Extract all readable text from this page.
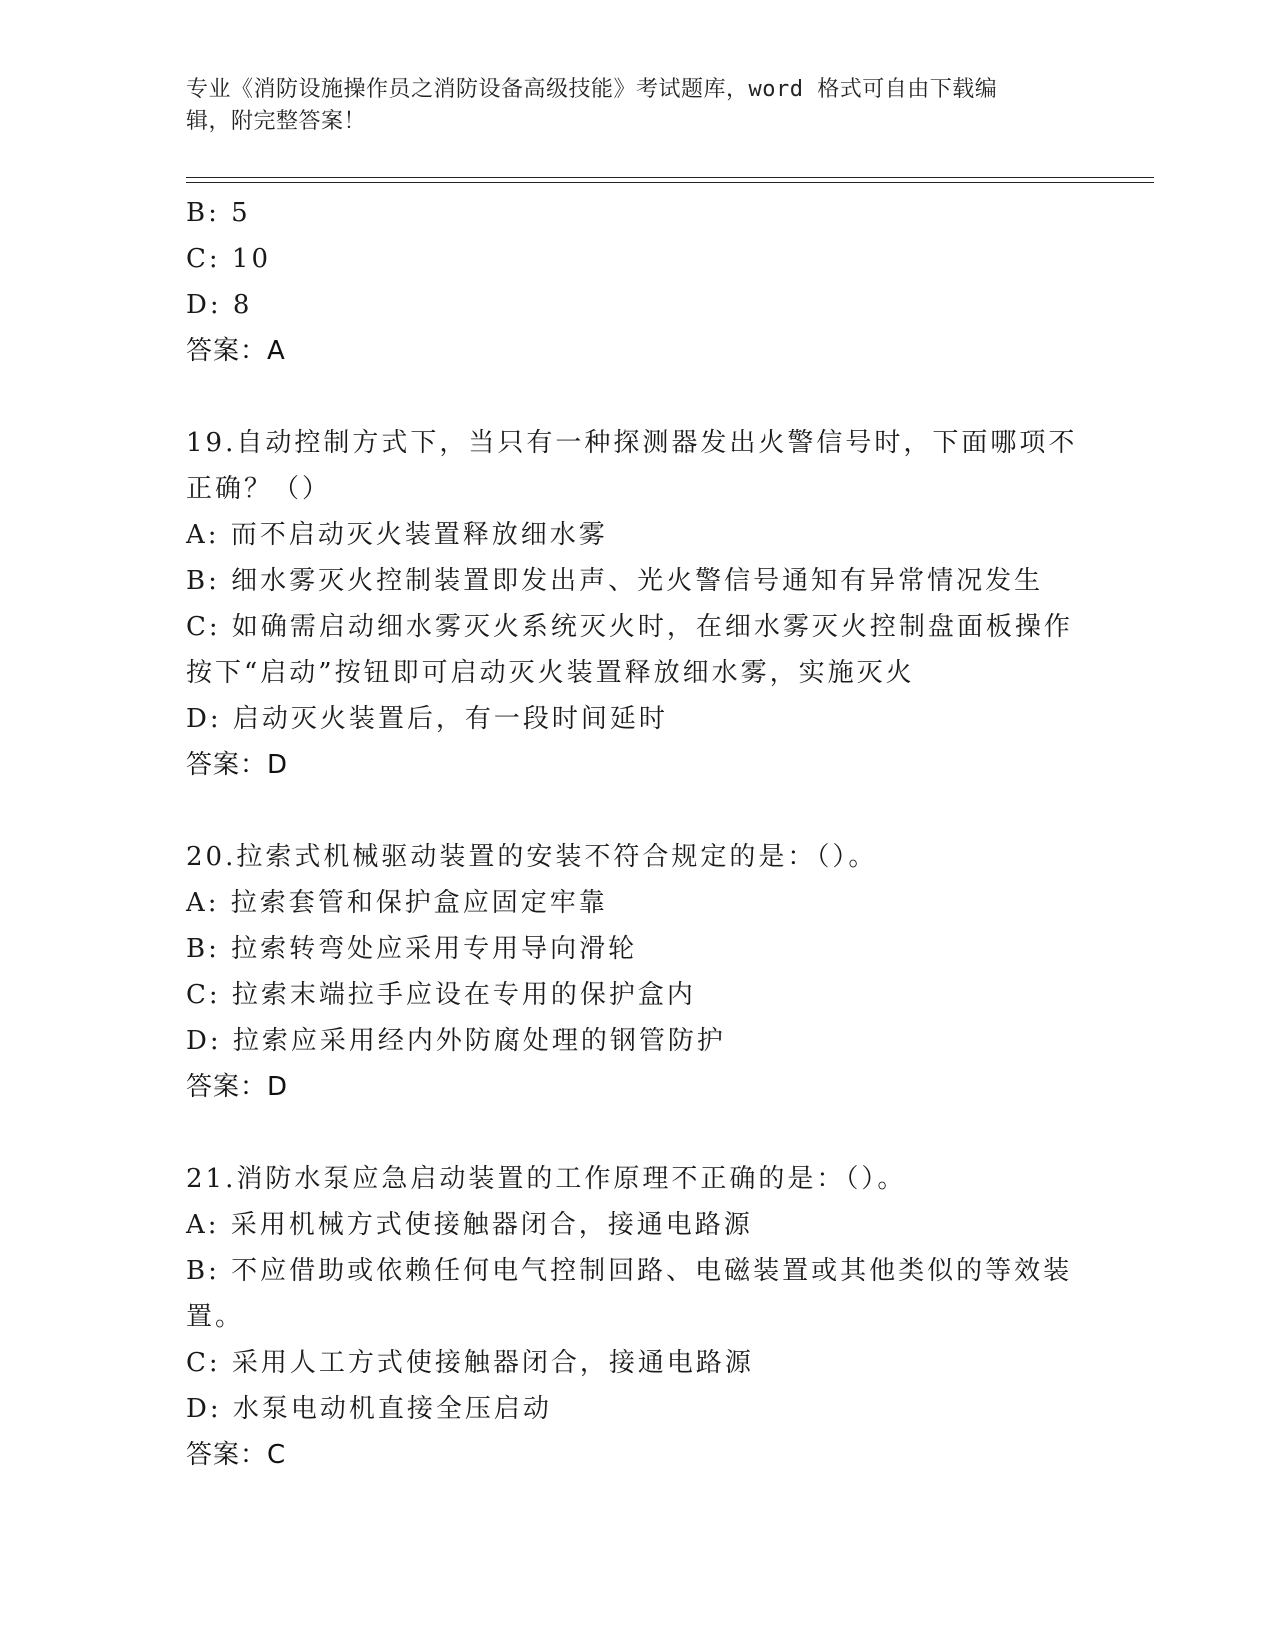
专业《消防设施操作员之消防设备高级技能》考试题库，word 格式可自由下载编
辑，附完整答案！
B: 5
C: 10
D: 8
答案：A
19.自动控制方式下，当只有一种探测器发出火警信号时，下面哪项不
正确？（）
A: 而不启动灭火装置释放细水雾
B: 细水雾灭火控制装置即发出声、光火警信号通知有异常情况发生
C: 如确需启动细水雾灭火系统灭火时，在细水雾灭火控制盘面板操作
按下“启动”按钮即可启动灭火装置释放细水雾，实施灭火
D: 启动灭火装置后，有一段时间延时
答案：D
20.拉索式机械驱动装置的安装不符合规定的是：（）。
A: 拉索套管和保护盒应固定牢靠
B: 拉索转弯处应采用专用导向滑轮
C: 拉索末端拉手应设在专用的保护盒内
D: 拉索应采用经内外防腐处理的钢管防护
答案：D
21.消防水泵应急启动装置的工作原理不正确的是：（）。
A: 采用机械方式使接触器闭合，接通电路源
B: 不应借助或依赖任何电气控制回路、电磁装置或其他类似的等效装
置。
C: 采用人工方式使接触器闭合，接通电路源
D: 水泵电动机直接全压启动
答案：C
